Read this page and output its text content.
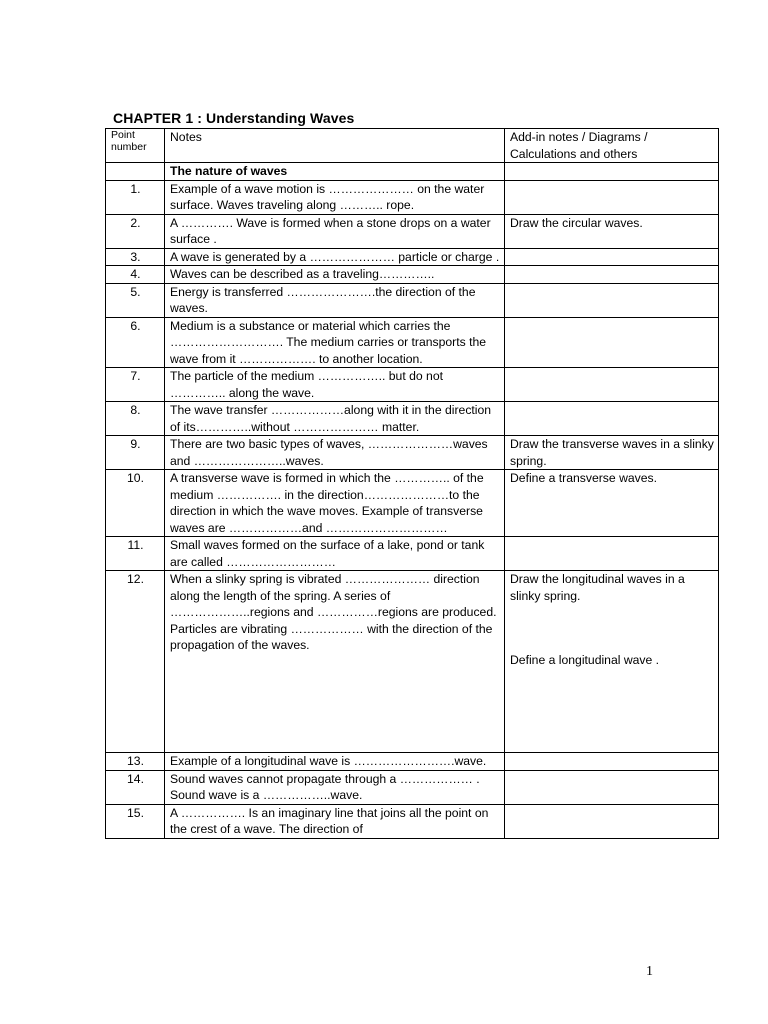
CHAPTER 1 : Understanding Waves
Point number	Notes	Add-in notes / Diagrams / Calculations and others
	The nature of waves	
1.	Example of a wave motion is ………………… on the water surface. Waves traveling along ……….. rope.	
2.	A …………. Wave is formed when a stone drops on a water surface .	Draw the circular waves.
3.	A wave is generated by a ………………… particle or charge .	
4.	Waves can be described as a traveling…………..	
5.	Energy is transferred ………………….the direction of the waves.	
6.	Medium is a substance or material which carries the ………………………. The medium carries or transports the wave from it ………………. to another location.	
7.	The particle of the medium …………….. but do not ………….. along the wave.	
8.	The wave transfer ………………along with it in the direction of its…………..without ………………… matter.	
9.	There are two basic types of waves, …………………waves and …………………..waves.	Draw the transverse waves in a slinky spring.
10.	A transverse wave is formed in which the ………….. of the medium ……………. in the direction…………………to the direction in which the wave moves. Example of transverse waves are ………………and …………………………	Define a transverse waves.
11.	Small waves formed on the surface of a lake, pond or tank are called ………………………	
12.	When a slinky spring is vibrated ………………… direction along the length of the spring. A series of ………………..regions and ……………regions are produced. Particles are vibrating ……………… with the direction of the propagation of the waves.	Draw the longitudinal waves in a slinky spring.
Define a longitudinal wave .
13.	Example of a longitudinal wave is …………………….wave.	
14.	Sound waves cannot propagate through a ……………… . Sound wave is a ……………..wave.	
15.	A ……………. Is an imaginary line that joins all the point on the crest of a wave. The direction of	
1
